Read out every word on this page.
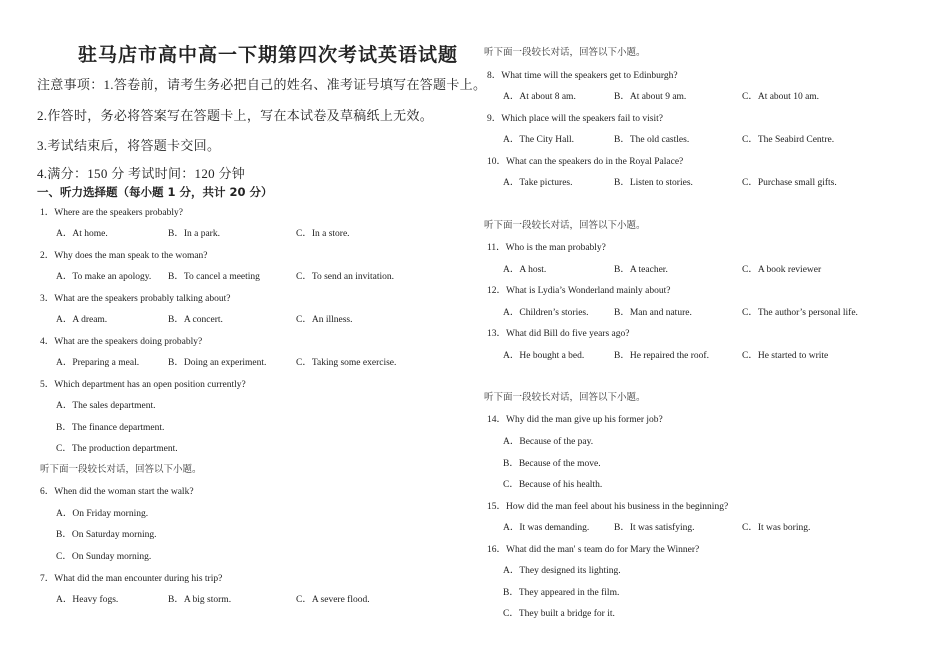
驻马店市高中高一下期第四次考试英语试题
注意事项：1.答卷前，请考生务必把自己的姓名、准考证号填写在答题卡上。
2.作答时，务必将答案写在答题卡上，写在本试卷及草稿纸上无效。
3.考试结束后，将答题卡交回。
4.满分：150 分 考试时间：120 分钟
一、听力选择题（每小题 1 分，共计 20 分）
1．Where are the speakers probably?
A．At home.	B．In a park.	C．In a store.
2．Why does the man speak to the woman?
A．To make an apology. B．To cancel a meeting	C．To send an invitation.
3．What are the speakers probably talking about?
A．A dream.	B．A concert.	C．An illness.
4．What are the speakers doing probably?
A．Preparing a meal.	B．Doing an experiment.	C．Taking some exercise.
5．Which department has an open position currently?
A．The sales department.
B．The finance department.
C．The production department.
听下面一段较长对话，回答以下小题。
6．When did the woman start the walk?
A．On Friday morning.
B．On Saturday morning.
C．On Sunday morning.
7．What did the man encounter during his trip?
A．Heavy fogs.	B．A big storm.	C．A severe flood.
听下面一段较长对话，回答以下小题。
8．What time will the speakers get to Edinburgh?
A．At about 8 am.	B．At about 9 am.	C．At about 10 am.
9．Which place will the speakers fail to visit?
A．The City Hall.	B．The old castles.	C．The Seabird Centre.
10．What can the speakers do in the Royal Palace?
A．Take pictures.	B．Listen to stories.	C．Purchase small gifts.
听下面一段较长对话，回答以下小题。
11．Who is the man probably?
A．A host.	B．A teacher.	C．A book reviewer
12．What is Lydia’s Wonderland mainly about?
A．Children’s stories.	B．Man and nature.	C．The author’s personal life.
13．What did Bill do five years ago?
A．He bought a bed.	B．He repaired the roof.	C．He started to write
听下面一段较长对话，回答以下小题。
14．Why did the man give up his former job?
A．Because of the pay.
B．Because of the move.
C．Because of his health.
15．How did the man feel about his business in the beginning?
A．It was demanding.	B．It was satisfying.	C．It was boring.
16．What did the man' s team do for Mary the Winner?
A．They designed its lighting.
B．They appeared in the film.
C．They built a bridge for it.
